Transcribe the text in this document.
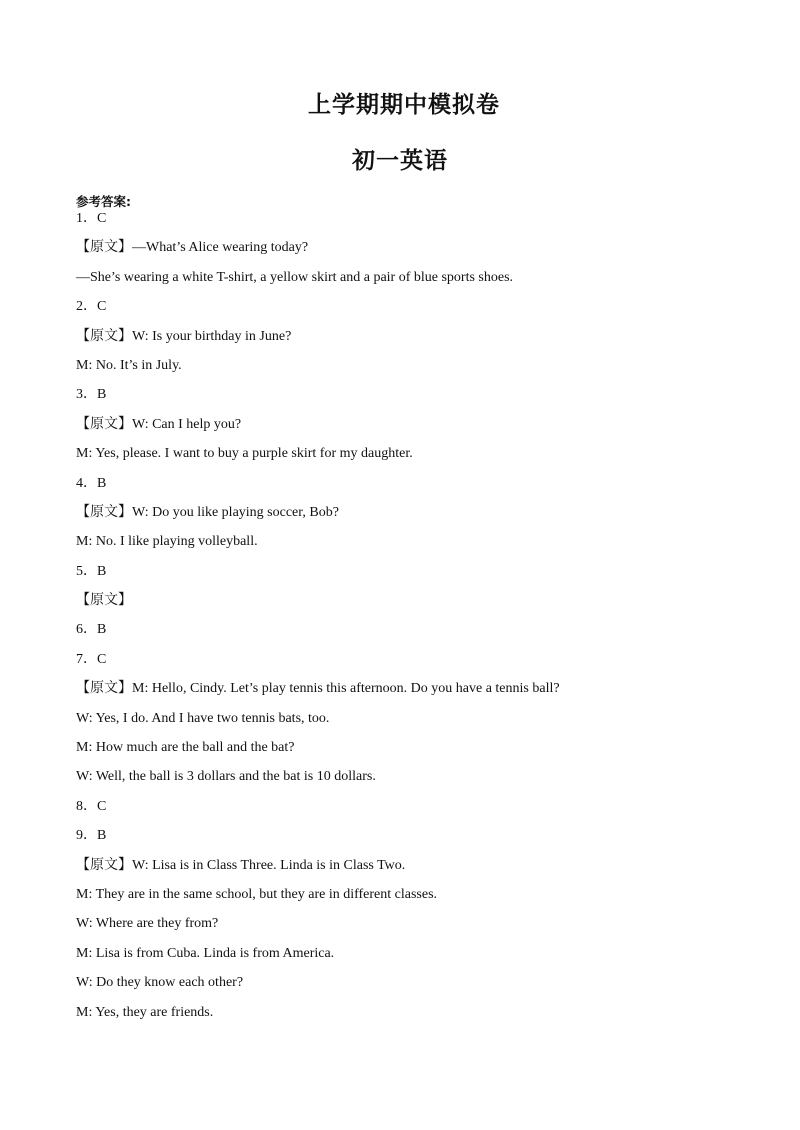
上学期期中模拟卷
初一英语
参考答案:
1．C
【原文】—What’s Alice wearing today?
—She’s wearing a white T-shirt, a yellow skirt and a pair of blue sports shoes.
2．C
【原文】W: Is your birthday in June?
M: No. It’s in July.
3．B
【原文】W: Can I help you?
M: Yes, please. I want to buy a purple skirt for my daughter.
4．B
【原文】W: Do you like playing soccer, Bob?
M: No. I like playing volleyball.
5．B
【原文】
6．B
7．C
【原文】M: Hello, Cindy. Let’s play tennis this afternoon. Do you have a tennis ball?
W: Yes, I do. And I have two tennis bats, too.
M: How much are the ball and the bat?
W: Well, the ball is 3 dollars and the bat is 10 dollars.
8．C
9．B
【原文】W: Lisa is in Class Three. Linda is in Class Two.
M: They are in the same school, but they are in different classes.
W: Where are they from?
M: Lisa is from Cuba. Linda is from America.
W: Do they know each other?
M: Yes, they are friends.
